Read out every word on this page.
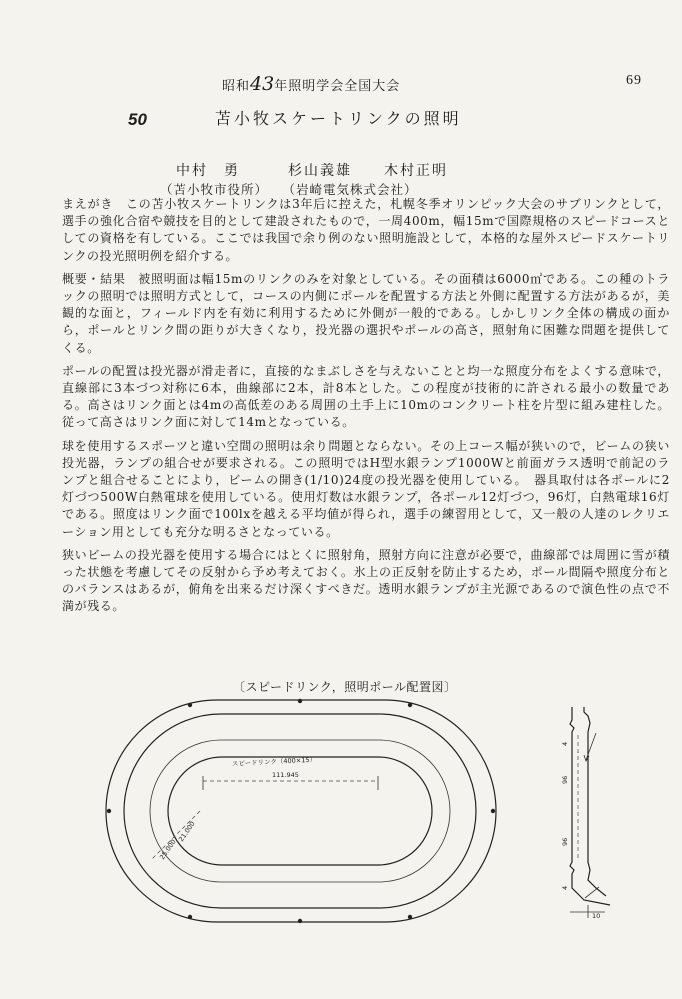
昭和43年照明学会全国大会	69
50	苫小牧スケートリンクの照明
中村　勇　　　杉山義雄　　木村正明
（苫小牧市役所）　　（岩崎電気株式会社）

まえがき　この苫小牧スケートリンクは3年后に控えた，札幌冬季オリンピック大会のサブリンクとして，選手の強化合宿や競技を目的として建設されたもので，一周400m，幅15mで国際規格のスピードコースとしての資格を有している。ここでは我国で余り例のない照明施設として，本格的な屋外スピードスケートリンクの投光照明例を紹介する。

概要・結果　被照明面は幅15mのリンクのみを対象としている。その面積は6000㎡である。この種のトラックの照明では照明方式として，コースの内側にポールを配置する方法と外側に配置する方法があるが，美観的な面と，フィールド内を有効に利用するために外側が一般的である。しかしリンク全体の構成の面から，ポールとリンク間の距りが大きくなり，投光器の選択やポールの高さ，照射角に困難な問題を提供してくる。

ポールの配置は投光器が滑走者に，直接的なまぶしさを与えないことと均一な照度分布をよくする意味で，直線部に3本づつ対称に6本，曲線部に2本，計8本とした。この程度が技術的に許される最小の数量である。高さはリンク面とは4mの高低差のある周囲の土手上に10mのコンクリート柱を片型に組み建柱した。従って高さはリンク面に対して14mとなっている。

球を使用するスポーツと違い空間の照明は余り問題とならない。その上コース幅が狭いので，ビームの狭い投光器，ランプの組合せが要求される。この照明ではH型水銀ランプ1000Wと前面ガラス透明で前記のランプと組合せることにより，ビームの開き(1/10)24度の投光器を使用している。　器具取付は各ポールに2灯づつ500W白熱電球を使用している。使用灯数は水銀ランプ，各ポール12灯づつ，96灯，白熱電球16灯である。照度はリンク面で100lxを越える平均値が得られ，選手の練習用として，又一般の人達のレクリエーション用としても充分な明るさとなっている。

狭いビームの投光器を使用する場合にはとくに照射角，照射方向に注意が必要で，曲線部では周囲に雪が積った状態を考慮してその反射から予め考えておく。氷上の正反射を防止するため，ポール間隔や照度分布とのバランスはあるが，俯角を出来るだけ深くすべきだ。透明水銀ランプが主光源であるので演色性の点で不満が残る。

〔スピードリンク，照明ポール配置図〕
スピードリンク（400×15）
111.945
21.000
25.000
4
96
96
4
10
